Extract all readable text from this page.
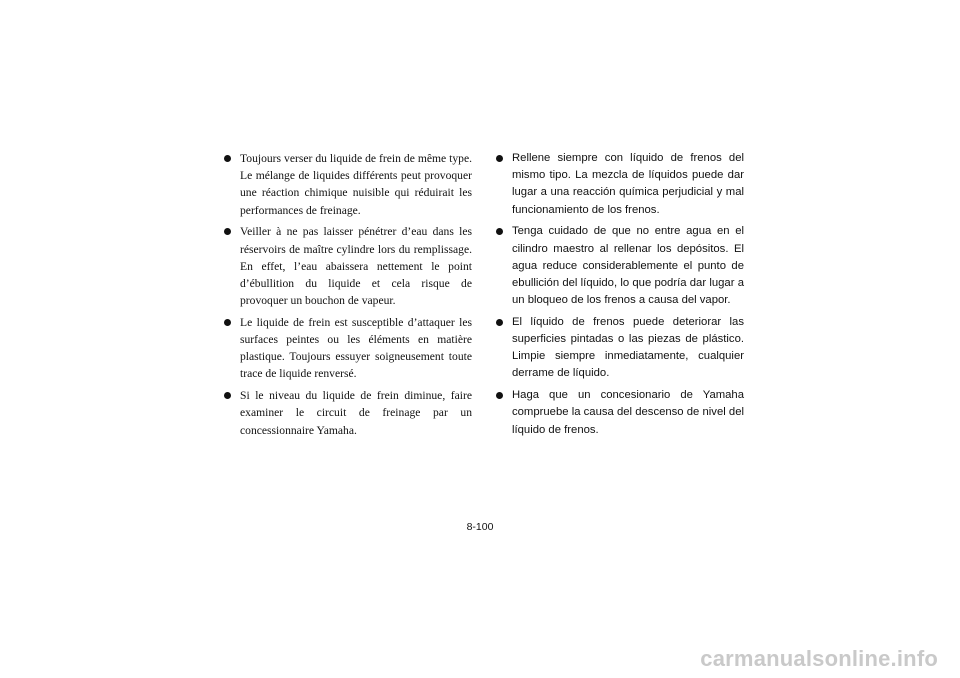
Toujours verser du liquide de frein de même type. Le mélange de liquides différents peut provoquer une réaction chimique nuisible qui réduirait les performances de freinage.
Veiller à ne pas laisser pénétrer d’eau dans les réservoirs de maître cylindre lors du remplissage. En effet, l’eau abaissera nettement le point d’ébullition du liquide et cela risque de provoquer un bouchon de vapeur.
Le liquide de frein est susceptible d’attaquer les surfaces peintes ou les éléments en matière plastique. Toujours essuyer soigneusement toute trace de liquide renversé.
Si le niveau du liquide de frein diminue, faire examiner le circuit de freinage par un concessionnaire Yamaha.
Rellene siempre con líquido de frenos del mismo tipo. La mezcla de líquidos puede dar lugar a una reacción química perjudicial y mal funcionamiento de los frenos.
Tenga cuidado de que no entre agua en el cilindro maestro al rellenar los depósitos. El agua reduce considerablemente el punto de ebullición del líquido, lo que podría dar lugar a un bloqueo de los frenos a causa del vapor.
El líquido de frenos puede deteriorar las superficies pintadas o las piezas de plástico. Limpie siempre inmediatamente, cualquier derrame de líquido.
Haga que un concesionario de Yamaha compruebe la causa del descenso de nivel del líquido de frenos.
8-100
carmanualsonline.info
